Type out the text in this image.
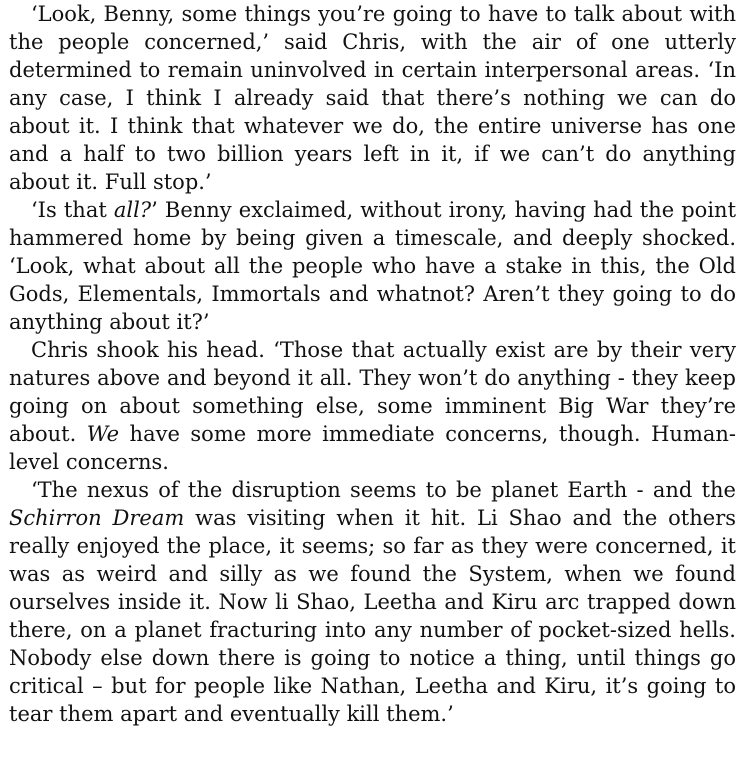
‘Look, Benny, some things you’re going to have to talk about with the people concerned,’ said Chris, with the air of one utterly determined to remain uninvolved in certain interpersonal areas. ‘In any case, I think I already said that there’s nothing we can do about it. I think that whatever we do, the entire universe has one and a half to two billion years left in it, if we can’t do anything about it. Full stop.’

‘Is that all?’ Benny exclaimed, without irony, having had the point hammered home by being given a timescale, and deeply shocked. ‘Look, what about all the people who have a stake in this, the Old Gods, Elementals, Immortals and whatnot? Aren’t they going to do anything about it?’

Chris shook his head. ‘Those that actually exist are by their very natures above and beyond it all. They won’t do anything - they keep going on about something else, some imminent Big War they’re about. We have some more immediate concerns, though. Human-level concerns.

‘The nexus of the disruption seems to be planet Earth - and the Schirron Dream was visiting when it hit. Li Shao and the others really enjoyed the place, it seems; so far as they were concerned, it was as weird and silly as we found the System, when we found ourselves inside it. Now li Shao, Leetha and Kiru arc trapped down there, on a planet fracturing into any number of pocket-sized hells. Nobody else down there is going to notice a thing, until things go critical – but for people like Nathan, Leetha and Kiru, it’s going to tear them apart and eventually kill them.’
